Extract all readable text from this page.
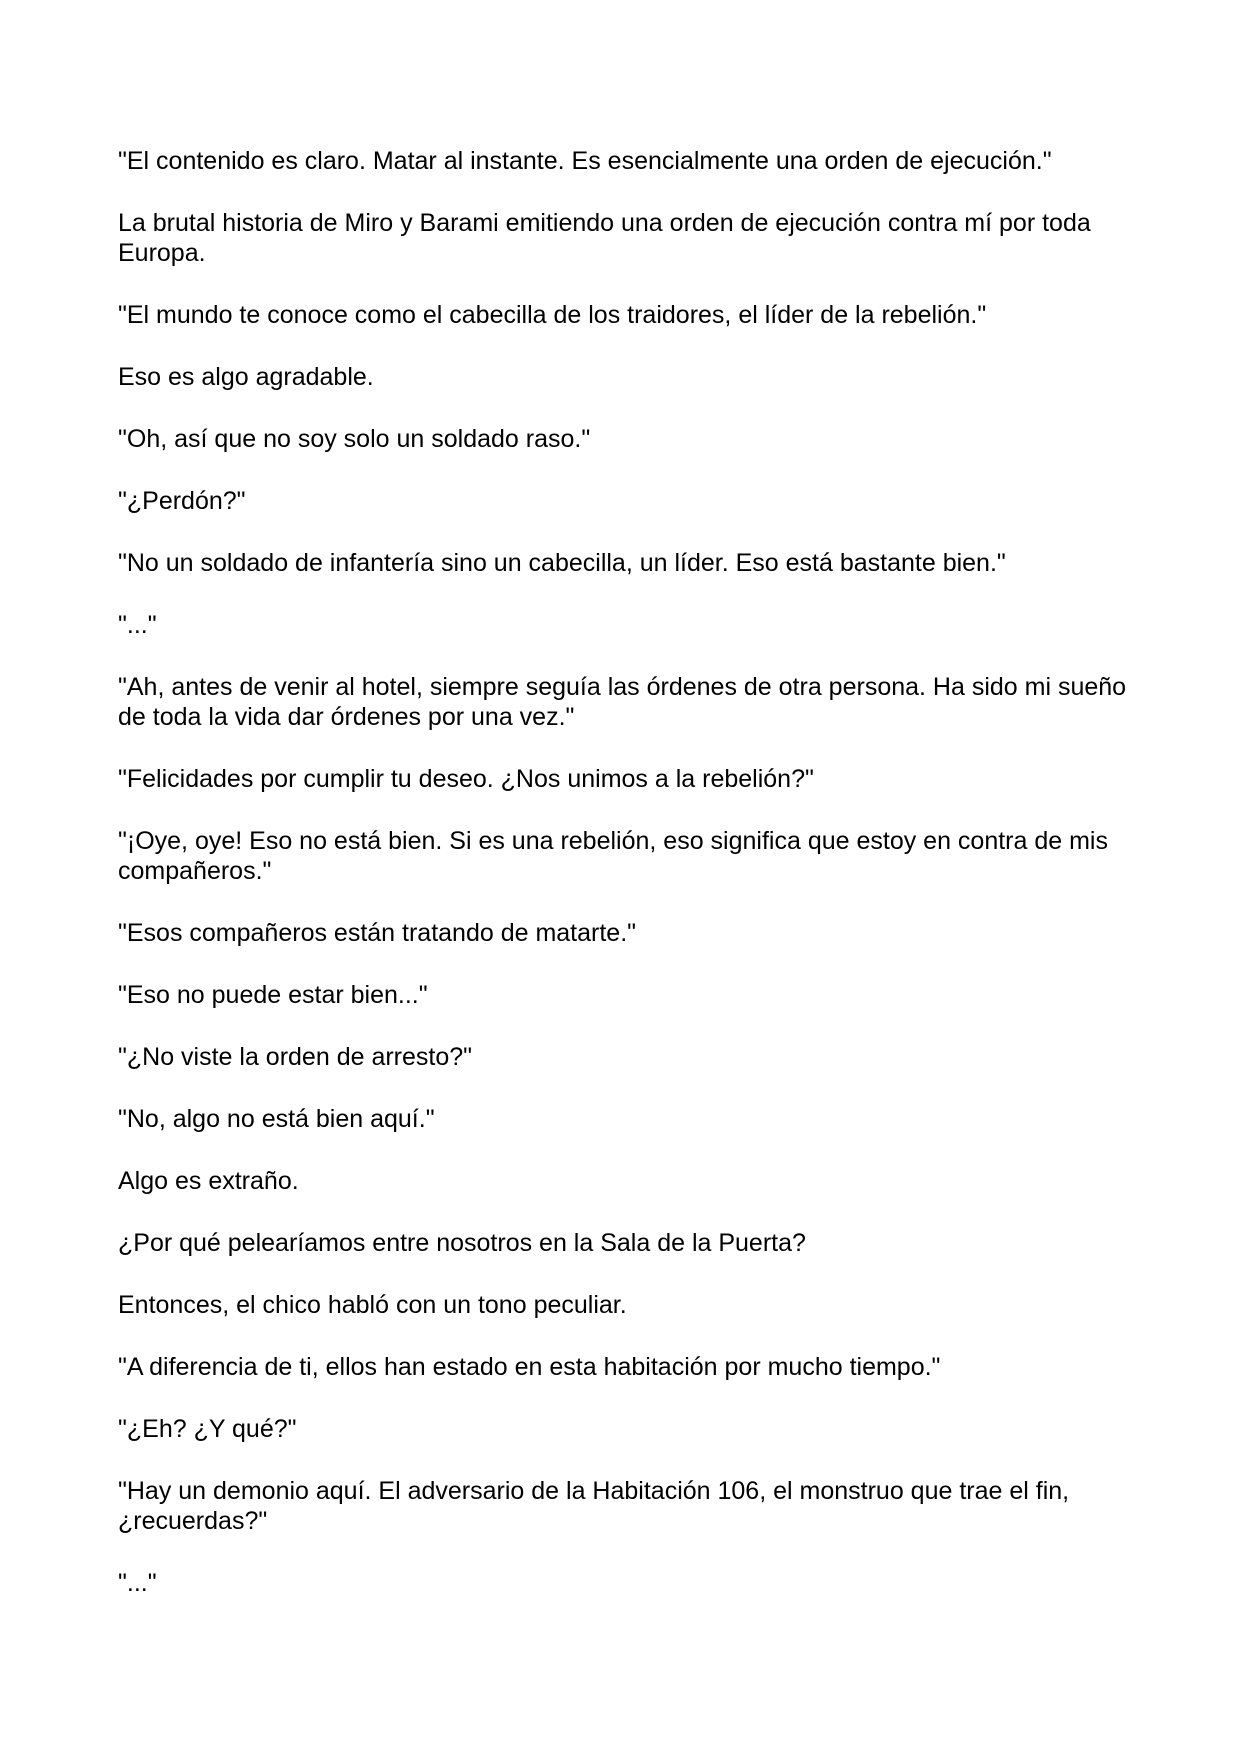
"El contenido es claro. Matar al instante. Es esencialmente una orden de ejecución."

La brutal historia de Miro y Barami emitiendo una orden de ejecución contra mí por toda Europa.

"El mundo te conoce como el cabecilla de los traidores, el líder de la rebelión."

Eso es algo agradable.

"Oh, así que no soy solo un soldado raso."

"¿Perdón?"

"No un soldado de infantería sino un cabecilla, un líder. Eso está bastante bien."

"..."

"Ah, antes de venir al hotel, siempre seguía las órdenes de otra persona. Ha sido mi sueño de toda la vida dar órdenes por una vez."

"Felicidades por cumplir tu deseo. ¿Nos unimos a la rebelión?"

"¡Oye, oye! Eso no está bien. Si es una rebelión, eso significa que estoy en contra de mis compañeros."

"Esos compañeros están tratando de matarte."

"Eso no puede estar bien..."

"¿No viste la orden de arresto?"

"No, algo no está bien aquí."

Algo es extraño.

¿Por qué pelearíamos entre nosotros en la Sala de la Puerta?

Entonces, el chico habló con un tono peculiar.

"A diferencia de ti, ellos han estado en esta habitación por mucho tiempo."

"¿Eh? ¿Y qué?"

"Hay un demonio aquí. El adversario de la Habitación 106, el monstruo que trae el fin, ¿recuerdas?"

"..."
